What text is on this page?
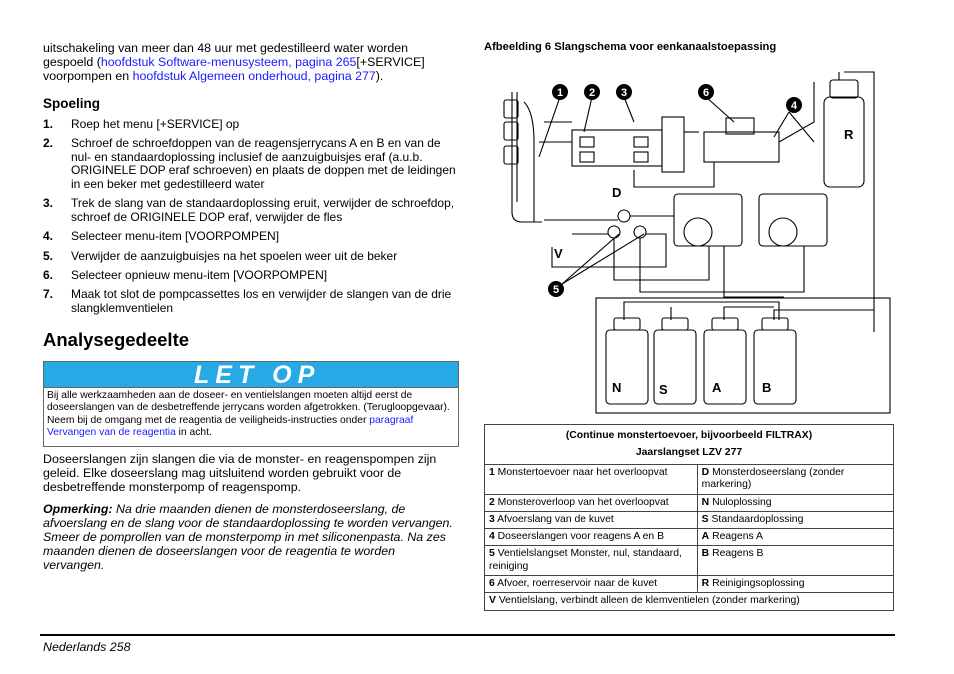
uitschakeling van meer dan 48 uur met gedestilleerd water worden
gespoeld (hoofdstuk Software-menusysteem, pagina 265[+SERVICE]
voorpompen en hoofdstuk Algemeen onderhoud, pagina 277).
Spoeling
1. Roep het menu [+SERVICE] op
2. Schroef de schroefdoppen van de reagensjerrycans A en B en van de nul- en standaardoplossing inclusief de aanzuigbuisjes eraf (a.u.b. ORIGINELE DOP eraf schroeven) en plaats de doppen met de leidingen in een beker met gedestilleerd water
3. Trek de slang van de standaardoplossing eruit, verwijder de schroefdop, schroef de ORIGINELE DOP eraf, verwijder de fles
4. Selecteer menu-item [VOORPOMPEN]
5. Verwijder de aanzuigbuisjes na het spoelen weer uit de beker
6. Selecteer opnieuw menu-item [VOORPOMPEN]
7. Maak tot slot de pompcassettes los en verwijder de slangen van de drie slangklemventielen
Analysegedeelte
LET OP
Bij alle werkzaamheden aan de doseer- en ventielslangen moeten altijd eerst de doseerslangen van de desbetreffende jerrycans worden afgetrokken. (Terugloopgevaar). Neem bij de omgang met de reagentia de veiligheids-instructies onder paragraaf Vervangen van de reagentia in acht.
Doseerslangen zijn slangen die via de monster- en reagenspompen zijn geleid. Elke doseerslang mag uitsluitend worden gebruikt voor de desbetreffende monsterpomp of reagenspomp.
Opmerking: Na drie maanden dienen de monsterdoseerslang, de afvoerslang en de slang voor de standaardoplossing te worden vervangen. Smeer de pomprollen van de monsterpomp in met siliconenpasta. Na zes maanden dienen de doseerslangen voor de reagentia te worden vervangen.
Afbeelding 6 Slangschema voor eenkanaalstoepassing
1 2 3	6
4
5
R
D
V
N	S	A	B
(Continue monstertoevoer, bijvoorbeeld FILTRAX)
Jaarslangset LZV 277	

1 Monstertoevoer naar het overloopvat	D Monsterdoseerslang (zonder markering)
2 Monsteroverloop van het overloopvat	N Nuloplossing
3 Afvoerslang van de kuvet	S Standaardoplossing
4 Doseerslangen voor reagens A en B	A Reagens A
5 Ventielslangset Monster, nul, standaard, reiniging	B Reagens B
6 Afvoer, roerreservoir naar de kuvet	R Reinigingsoplossing
V Ventielslang, verbindt alleen de klemventielen (zonder markering)	
Nederlands 258
